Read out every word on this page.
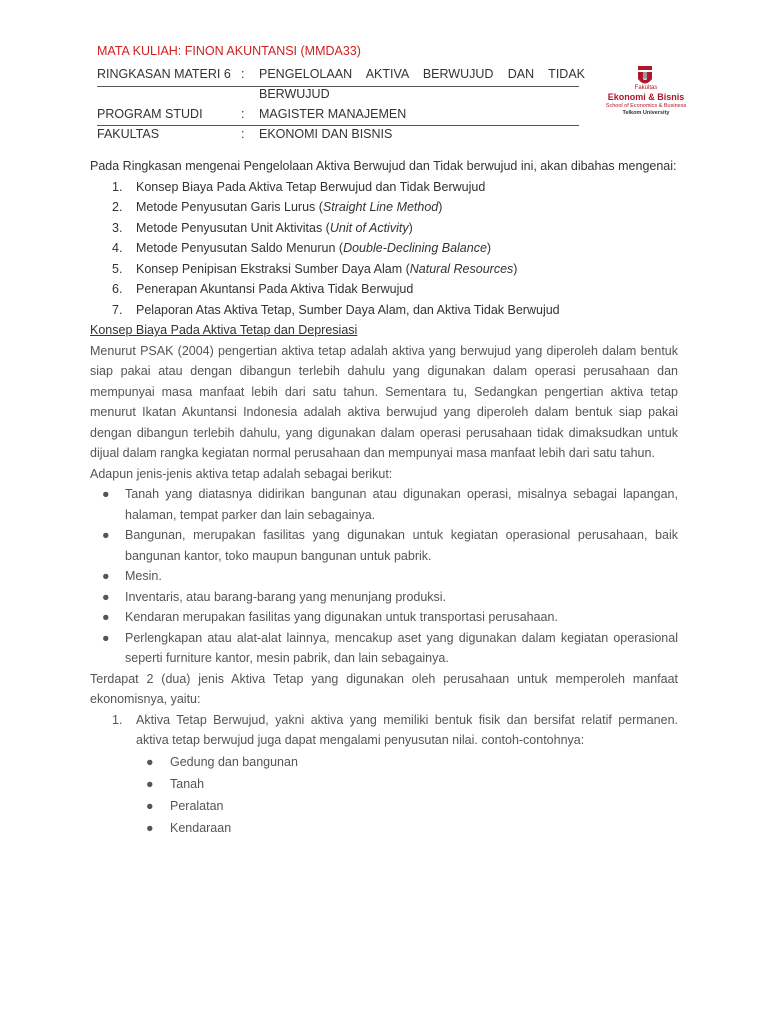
MATA KULIAH: FINON AKUNTANSI (MMDA33)
RINGKASAN MATERI 6	:	PENGELOLAAN AKTIVA BERWUJUD DAN TIDAK
		BERWUJUD
PROGRAM STUDI	:	MAGISTER MANAJEMEN
FAKULTAS	:	EKONOMI DAN BISNIS
Fakultas
Ekonomi & Bisnis
School of Economics & Business
Telkom University

Pada Ringkasan mengenai Pengelolaan Aktiva Berwujud dan Tidak berwujud ini, akan dibahas mengenai:

1. Konsep Biaya Pada Aktiva Tetap Berwujud dan Tidak Berwujud
2. Metode Penyusutan Garis Lurus (Straight Line Method)
3. Metode Penyusutan Unit Aktivitas (Unit of Activity)
4. Metode Penyusutan Saldo Menurun (Double-Declining Balance)
5. Konsep Penipisan Ekstraksi Sumber Daya Alam (Natural Resources)
6. Penerapan Akuntansi Pada Aktiva Tidak Berwujud
7. Pelaporan Atas Aktiva Tetap, Sumber Daya Alam, dan Aktiva Tidak Berwujud

Konsep Biaya Pada Aktiva Tetap dan Depresiasi

Menurut PSAK (2004) pengertian aktiva tetap adalah aktiva yang berwujud yang diperoleh dalam bentuk siap pakai atau dengan dibangun terlebih dahulu yang digunakan dalam operasi perusahaan dan mempunyai masa manfaat lebih dari satu tahun. Sementara tu, Sedangkan pengertian aktiva tetap menurut Ikatan Akuntansi Indonesia adalah aktiva berwujud yang diperoleh dalam bentuk siap pakai dengan dibangun terlebih dahulu, yang digunakan dalam operasi perusahaan tidak dimaksudkan untuk dijual dalam rangka kegiatan normal perusahaan dan mempunyai masa manfaat lebih dari satu tahun.

Adapun jenis-jenis aktiva tetap adalah sebagai berikut:

● Tanah yang diatasnya didirikan bangunan atau digunakan operasi, misalnya sebagai lapangan, halaman, tempat parker dan lain sebagainya.
● Bangunan, merupakan fasilitas yang digunakan untuk kegiatan operasional perusahaan, baik bangunan kantor, toko maupun bangunan untuk pabrik.
● Mesin.
● Inventaris, atau barang-barang yang menunjang produksi.
● Kendaran merupakan fasilitas yang digunakan untuk transportasi perusahaan.
● Perlengkapan atau alat-alat lainnya, mencakup aset yang digunakan dalam kegiatan operasional seperti furniture kantor, mesin pabrik, dan lain sebagainya.

Terdapat 2 (dua) jenis Aktiva Tetap yang digunakan oleh perusahaan untuk memperoleh manfaat ekonomisnya, yaitu:

1. Aktiva Tetap Berwujud, yakni aktiva yang memiliki bentuk fisik dan bersifat relatif permanen. aktiva tetap berwujud juga dapat mengalami penyusutan nilai. contoh-contohnya:
● Gedung dan bangunan
● Tanah
● Peralatan
● Kendaraan
